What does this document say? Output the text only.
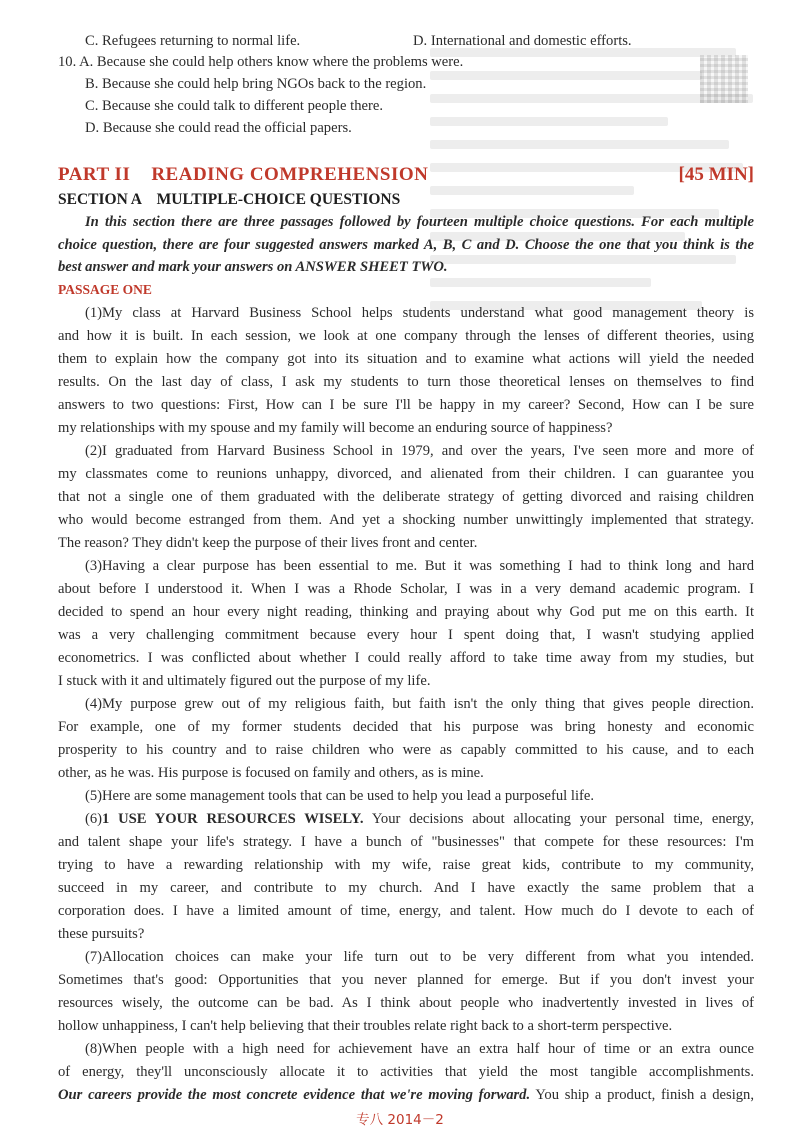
C. Refugees returning to normal life.	D. International and domestic efforts.
10. A. Because she could help others know where the problems were.
B. Because she could help bring NGOs back to the region.
C. Because she could talk to different people there.
D. Because she could read the official papers.
PART II    READING COMPREHENSION	[45 MIN]
SECTION A    MULTIPLE-CHOICE QUESTIONS
In this section there are three passages followed by fourteen multiple choice questions. For each multiple
choice question, there are four suggested answers marked A, B, C and D. Choose the one that you think is the
best answer and mark your answers on ANSWER SHEET TWO.
PASSAGE ONE
(1)My class at Harvard Business School helps students understand what good management theory is
and how it is built. In each session, we look at one company through the lenses of different theories, using
them to explain how the company got into its situation and to examine what actions will yield the needed
results. On the last day of class, I ask my students to turn those theoretical lenses on themselves to find
answers to two questions: First, How can I be sure I'll be happy in my career? Second, How can I be sure
my relationships with my spouse and my family will become an enduring source of happiness?
(2)I graduated from Harvard Business School in 1979, and over the years, I've seen more and more of
my classmates come to reunions unhappy, divorced, and alienated from their children. I can guarantee you
that not a single one of them graduated with the deliberate strategy of getting divorced and raising children
who would become estranged from them. And yet a shocking number unwittingly implemented that strategy.
The reason? They didn't keep the purpose of their lives front and center.
(3)Having a clear purpose has been essential to me. But it was something I had to think long and hard
about before I understood it. When I was a Rhode Scholar, I was in a very demand academic program. I
decided to spend an hour every night reading, thinking and praying about why God put me on this earth. It
was a very challenging commitment because every hour I spent doing that, I wasn't studying applied
econometrics. I was conflicted about whether I could really afford to take time away from my studies, but
I stuck with it and ultimately figured out the purpose of my life.
(4)My purpose grew out of my religious faith, but faith isn't the only thing that gives people direction.
For example, one of my former students decided that his purpose was bring honesty and economic
prosperity to his country and to raise children who were as capably committed to his cause, and to each
other, as he was. His purpose is focused on family and others, as is mine.
(5)Here are some management tools that can be used to help you lead a purposeful life.
(6)1 USE YOUR RESOURCES WISELY. Your decisions about allocating your personal time, energy,
and talent shape your life's strategy. I have a bunch of "businesses" that compete for these resources: I'm
trying to have a rewarding relationship with my wife, raise great kids, contribute to my community,
succeed in my career, and contribute to my church. And I have exactly the same problem that a
corporation does. I have a limited amount of time, energy, and talent. How much do I devote to each of
these pursuits?
(7)Allocation choices can make your life turn out to be very different from what you intended.
Sometimes that's good: Opportunities that you never planned for emerge. But if you don't invest your
resources wisely, the outcome can be bad. As I think about people who inadvertently invested in lives of
hollow unhappiness, I can't help believing that their troubles relate right back to a short-term perspective.
(8)When people with a high need for achievement have an extra half hour of time or an extra ounce
of energy, they'll unconsciously allocate it to activities that yield the most tangible accomplishments.
Our careers provide the most concrete evidence that we're moving forward. You ship a product, finish a design,
专八 2014－2
